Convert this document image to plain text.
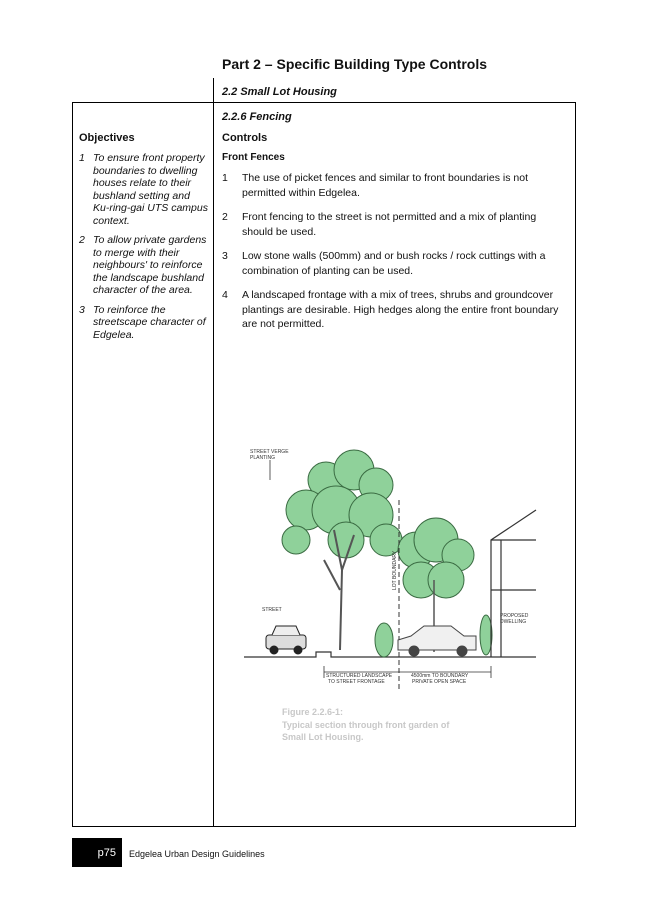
Part 2 – Specific Building Type Controls
2.2 Small Lot Housing
2.2.6 Fencing
Objectives	Controls
Front Fences
1 To ensure front property boundaries to dwelling houses relate to their bushland setting and Ku-ring-gai UTS campus context.
2 To allow private gardens to merge with their neighbours' to reinforce the landscape bushland character of the area.
3 To reinforce the streetscape character of Edgelea.
1	The use of picket fences and similar to front boundaries is not permitted within Edgelea.
2	Front fencing to the street is not permitted and a mix of planting should be used.
3	Low stone walls (500mm) and or bush rocks / rock cuttings with a combination of planting can be used.
4	A landscaped frontage with a mix of trees, shrubs and groundcover plantings are desirable. High hedges along the entire front boundary are not permitted.
STREET VERGE
PLANTING
STREET
LOT BOUNDARY
PROPOSED
DWELLING
STRUCTURED LANDSCAPE
TO STREET FRONTAGE
4500mm TO BOUNDARY
PRIVATE OPEN SPACE
Figure 2.2.6-1:
Typical section through front garden of
Small Lot Housing.
p75	Edgelea Urban Design Guidelines
